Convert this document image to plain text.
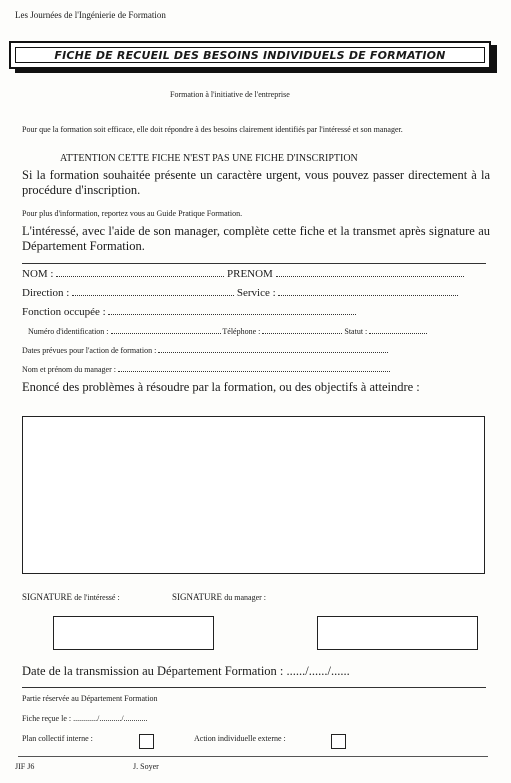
Les Journées de l'Ingénierie de Formation
FICHE DE RECUEIL DES BESOINS INDIVIDUELS DE FORMATION
Formation à l'initiative de l'entreprise
Pour que la formation soit efficace, elle doit répondre à des besoins clairement identifiés par l'intéressé et son manager.
ATTENTION CETTE FICHE N'EST PAS UNE FICHE D'INSCRIPTION
Si la formation souhaitée présente un caractère urgent, vous pouvez passer directement à la procédure d'inscription.
Pour plus d'information, reportez vous au Guide Pratique Formation.
L'intéressé, avec l'aide de son manager, complète cette fiche et la transmet après signature au Département Formation.
NOM :	PRENOM
Direction :	Service :
Fonction occupée :
Numéro d'identification :	Téléphone :	Statut :
Dates prévues pour l'action de formation :
Nom et prénom du manager :
Enoncé des problèmes à résoudre par la formation, ou des objectifs à atteindre :
SIGNATURE de l'intéressé :	SIGNATURE du manager :
Date de la transmission au Département Formation : ....../....../......
Partie réservée au Département Formation
Fiche reçue le : ............/.........../............
Plan collectif interne :	Action individuelle externe :
JIF J6	J. Soyer
